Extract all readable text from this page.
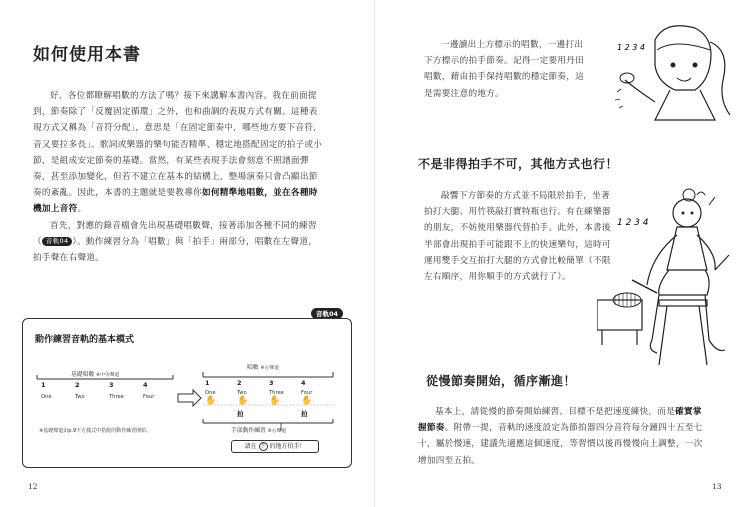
如何使用本書

好，各位都瞭解唱數的方法了嗎？接下來講解本書內容。我在前面提到，節奏除了「反覆固定循環」之外，也和曲調的表現方式有關。這種表現方式又稱為「音符分配」，意思是「在固定節奏中，哪些地方要下音符，音又要拉多長」。歌詞或樂器的樂句能否精準、穩定地搭配固定的拍子或小節，是組成安定節奏的基礎。當然，有某些表現手法會刻意不照譜面彈奏，甚至添加變化，但若不建立在基本的結構上，整場演奏只會凸顯出節奏的紊亂。因此，本書的主題就是要教導你如何精準地唱數，並在各種時機加上音符。

首先，對應的錄音檔會先出現基礎唱數聲，接著添加各種不同的練習（ 音軌04 ）。動作練習分為「唱數」與「拍手」兩部分，唱數在左聲道，拍手聲在右聲道。

音軌04
動作練習音軌的基本模式
基礎唱數 ※中央聲道
1	2	3	4
One	Two	Three	Four
唱數 ※左聲道
1	2	3	4
One	Two	Three	Four
✋ ✋ ✋ ✋
拍	拍
手部動作練習 ※右聲道
請在 手 的地方拍手！
※基礎聲道由p.9下方樣式中搭配的動作練習開始。
12

一邊讀出上方標示的唱數，一邊打出下方標示的拍手節奏。記得一定要用丹田唱數，藉由拍手保持唱數的穩定節奏，這是需要注意的地方。

1 2 3 4
不是非得拍手不可，其他方式也行！

敲響下方節奏的方式並不局限於拍手，坐著拍打大腿、用竹筷敲打寶特瓶也行。有在練樂器的朋友，不妨使用樂器代替拍手。此外，本書後半部會出現拍手可能跟不上的快速樂句，這時可運用雙手交互拍打大腿的方式會比較簡單（不限左右順序，用你順手的方式就行了）。

1 2 3 4
從慢節奏開始，循序漸進！

基本上，請從慢的節奏開始練習。目標不是把速度練快，而是確實掌握節奏。附帶一提，音軌的速度設定為節拍器四分音符每分鐘四十五至七十，屬於慢速，建議先適應這個速度，等習慣以後再慢慢向上調整，一次增加四至五拍。

13
